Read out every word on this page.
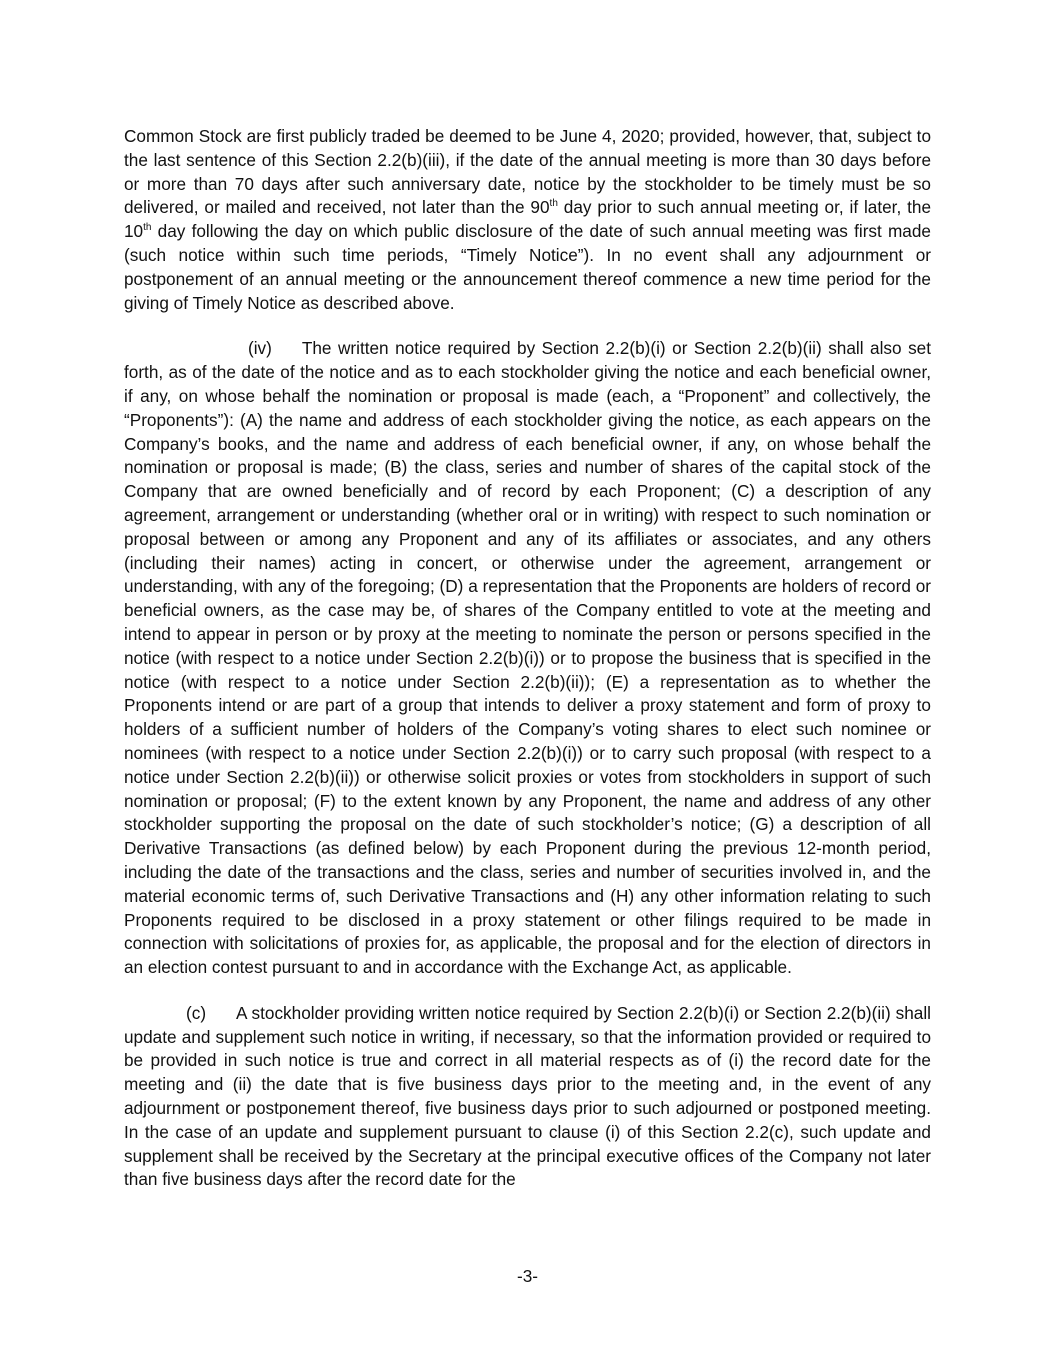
Common Stock are first publicly traded be deemed to be June 4, 2020; provided, however, that, subject to the last sentence of this Section 2.2(b)(iii), if the date of the annual meeting is more than 30 days before or more than 70 days after such anniversary date, notice by the stockholder to be timely must be so delivered, or mailed and received, not later than the 90th day prior to such annual meeting or, if later, the 10th day following the day on which public disclosure of the date of such annual meeting was first made (such notice within such time periods, “Timely Notice”). In no event shall any adjournment or postponement of an annual meeting or the announcement thereof commence a new time period for the giving of Timely Notice as described above.

(iv) The written notice required by Section 2.2(b)(i) or Section 2.2(b)(ii) shall also set forth, as of the date of the notice and as to each stockholder giving the notice and each beneficial owner, if any, on whose behalf the nomination or proposal is made (each, a “Proponent” and collectively, the “Proponents”): (A) the name and address of each stockholder giving the notice, as each appears on the Company’s books, and the name and address of each beneficial owner, if any, on whose behalf the nomination or proposal is made; (B) the class, series and number of shares of the capital stock of the Company that are owned beneficially and of record by each Proponent; (C) a description of any agreement, arrangement or understanding (whether oral or in writing) with respect to such nomination or proposal between or among any Proponent and any of its affiliates or associates, and any others (including their names) acting in concert, or otherwise under the agreement, arrangement or understanding, with any of the foregoing; (D) a representation that the Proponents are holders of record or beneficial owners, as the case may be, of shares of the Company entitled to vote at the meeting and intend to appear in person or by proxy at the meeting to nominate the person or persons specified in the notice (with respect to a notice under Section 2.2(b)(i)) or to propose the business that is specified in the notice (with respect to a notice under Section 2.2(b)(ii)); (E) a representation as to whether the Proponents intend or are part of a group that intends to deliver a proxy statement and form of proxy to holders of a sufficient number of holders of the Company’s voting shares to elect such nominee or nominees (with respect to a notice under Section 2.2(b)(i)) or to carry such proposal (with respect to a notice under Section 2.2(b)(ii)) or otherwise solicit proxies or votes from stockholders in support of such nomination or proposal; (F) to the extent known by any Proponent, the name and address of any other stockholder supporting the proposal on the date of such stockholder’s notice; (G) a description of all Derivative Transactions (as defined below) by each Proponent during the previous 12-month period, including the date of the transactions and the class, series and number of securities involved in, and the material economic terms of, such Derivative Transactions and (H) any other information relating to such Proponents required to be disclosed in a proxy statement or other filings required to be made in connection with solicitations of proxies for, as applicable, the proposal and for the election of directors in an election contest pursuant to and in accordance with the Exchange Act, as applicable.

(c) A stockholder providing written notice required by Section 2.2(b)(i) or Section 2.2(b)(ii) shall update and supplement such notice in writing, if necessary, so that the information provided or required to be provided in such notice is true and correct in all material respects as of (i) the record date for the meeting and (ii) the date that is five business days prior to the meeting and, in the event of any adjournment or postponement thereof, five business days prior to such adjourned or postponed meeting. In the case of an update and supplement pursuant to clause (i) of this Section 2.2(c), such update and supplement shall be received by the Secretary at the principal executive offices of the Company not later than five business days after the record date for the

-3-
